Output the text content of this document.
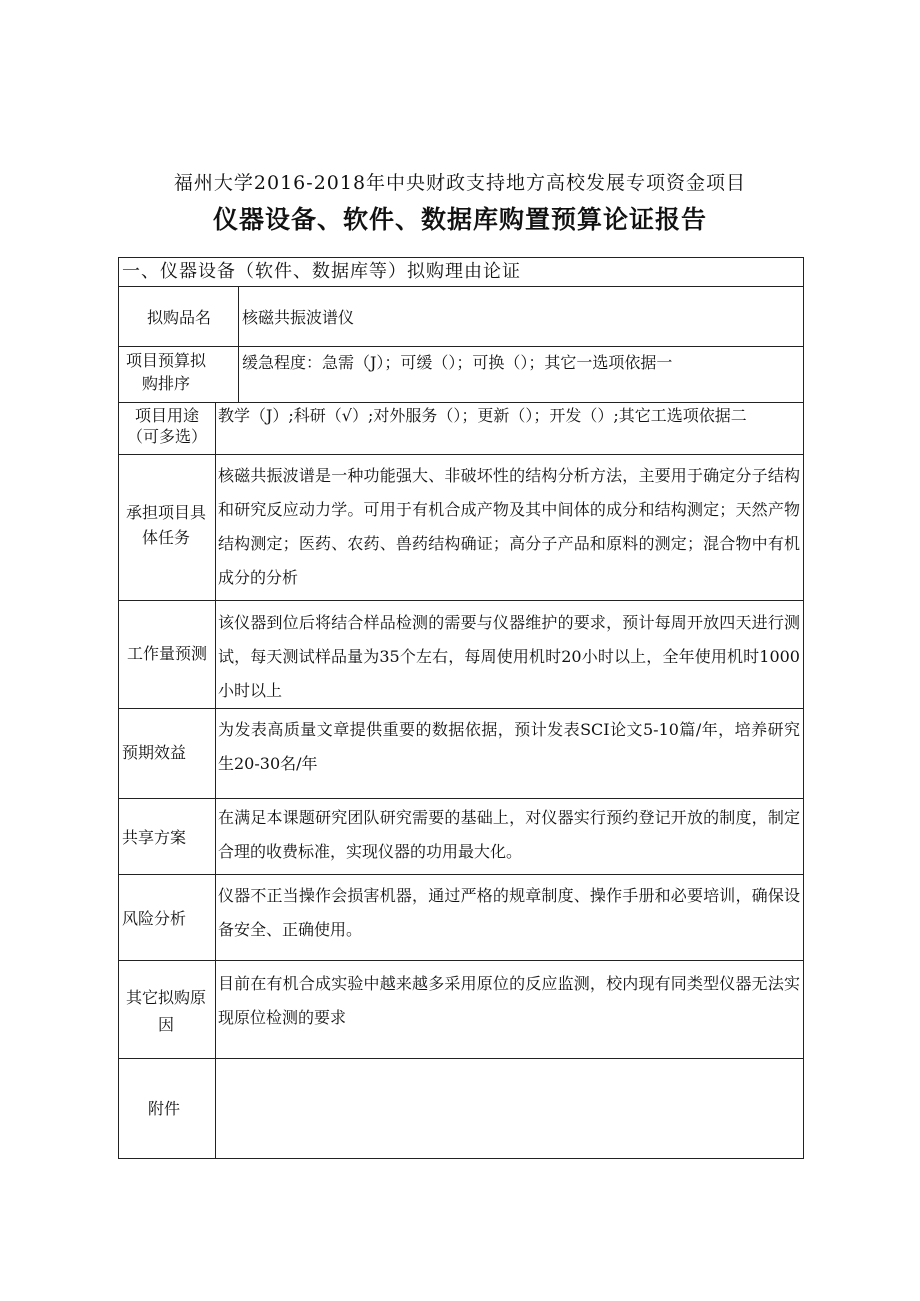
福州大学2016-2018年中央财政支持地方高校发展专项资金项目
仪器设备、软件、数据库购置预算论证报告
一、仪器设备（软件、数据库等）拟购理由论证
拟购品名	核磁共振波谱仪
项目预算拟购排序
缓急程度：急需（J）；可缓（）；可换（）；其它一选项依据一
项目用途（可多选）
教学（J）;科研（√）;对外服务（）；更新（）；开发（）;其它工选项依据二
承担项目具体任务
核磁共振波谱是一种功能强大、非破坏性的结构分析方法，主要用于确定分子结构和研究反应动力学。可用于有机合成产物及其中间体的成分和结构测定；天然产物结构测定；医药、农药、兽药结构确证；高分子产品和原料的测定；混合物中有机成分的分析
工作量预测
该仪器到位后将结合样品检测的需要与仪器维护的要求，预计每周开放四天进行测试，每天测试样品量为35个左右，每周使用机时20小时以上，全年使用机时1000小时以上
预期效益
为发表高质量文章提供重要的数据依据，预计发表SCI论文5-10篇/年，培养研究生20-30名/年
共享方案
在满足本课题研究团队研究需要的基础上，对仪器实行预约登记开放的制度，制定合理的收费标准，实现仪器的功用最大化。
风险分析
仪器不正当操作会损害机器，通过严格的规章制度、操作手册和必要培训，确保设备安全、正确使用。
其它拟购原因
目前在有机合成实验中越来越多采用原位的反应监测，校内现有同类型仪器无法实现原位检测的要求
附件
